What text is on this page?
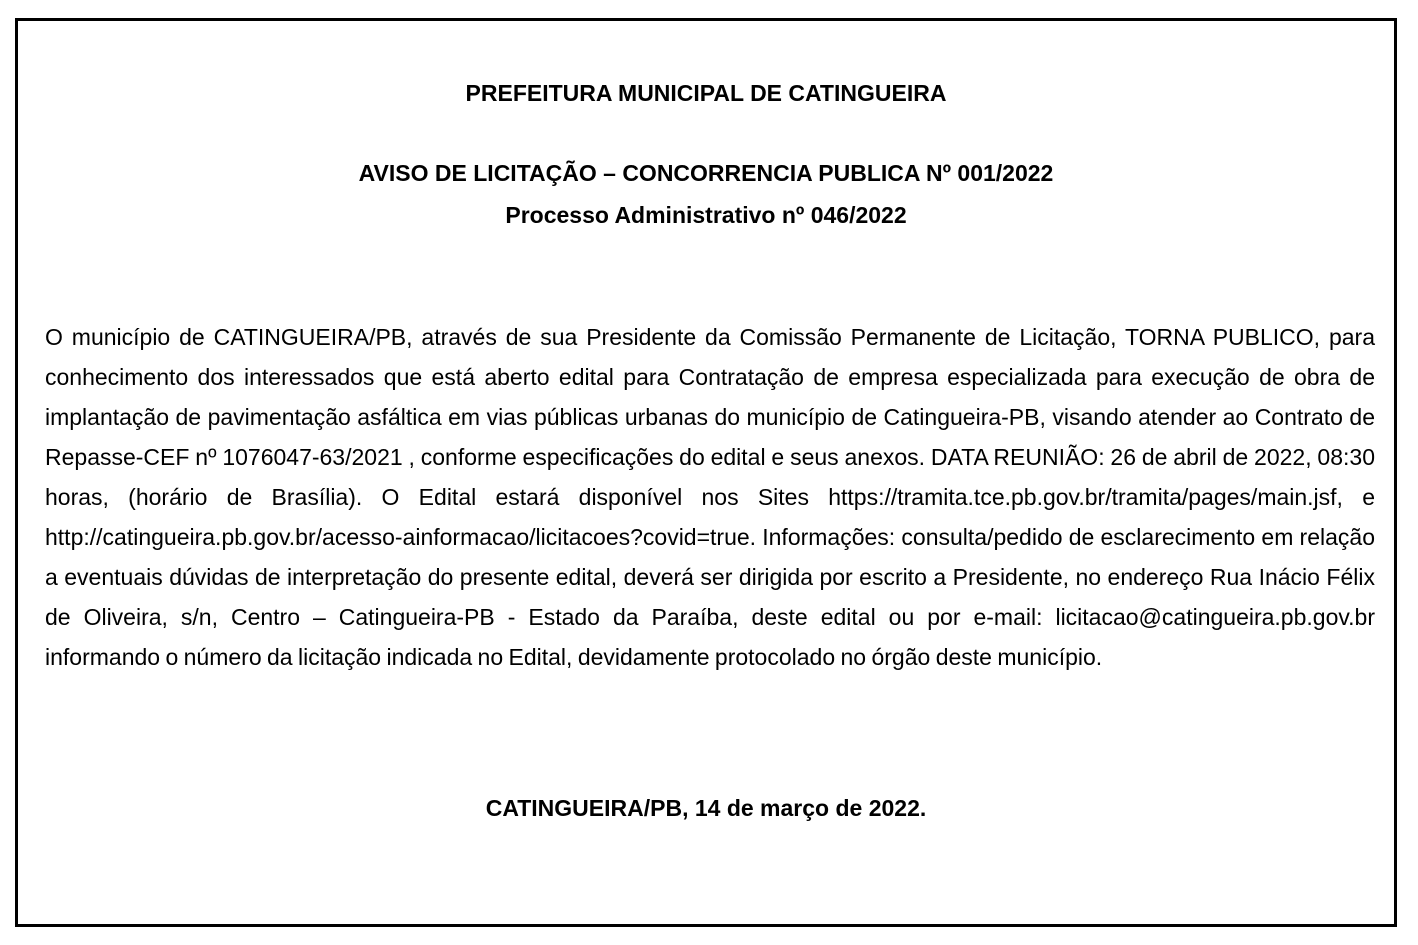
PREFEITURA MUNICIPAL DE CATINGUEIRA
AVISO DE LICITAÇÃO – CONCORRENCIA PUBLICA Nº 001/2022
Processo Administrativo nº 046/2022
O município de CATINGUEIRA/PB, através de sua Presidente da Comissão Permanente de Licitação, TORNA PUBLICO, para conhecimento dos interessados que está aberto edital para Contratação de empresa especializada para execução de obra de implantação de pavimentação asfáltica em vias públicas urbanas do município de Catingueira-PB, visando atender ao Contrato de Repasse-CEF nº 1076047-63/2021 , conforme especificações do edital e seus anexos. DATA REUNIÃO: 26 de abril de 2022, 08:30 horas, (horário de Brasília). O Edital estará disponível nos Sites https://tramita.tce.pb.gov.br/tramita/pages/main.jsf, e http://catingueira.pb.gov.br/acesso-ainformacao/licitacoes?covid=true. Informações: consulta/pedido de esclarecimento em relação a eventuais dúvidas de interpretação do presente edital, deverá ser dirigida por escrito a Presidente, no endereço Rua Inácio Félix de Oliveira, s/n, Centro – Catingueira-PB - Estado da Paraíba, deste edital ou por e-mail: licitacao@catingueira.pb.gov.br informando o número da licitação indicada no Edital, devidamente protocolado no órgão deste município.
CATINGUEIRA/PB, 14 de março de 2022.
